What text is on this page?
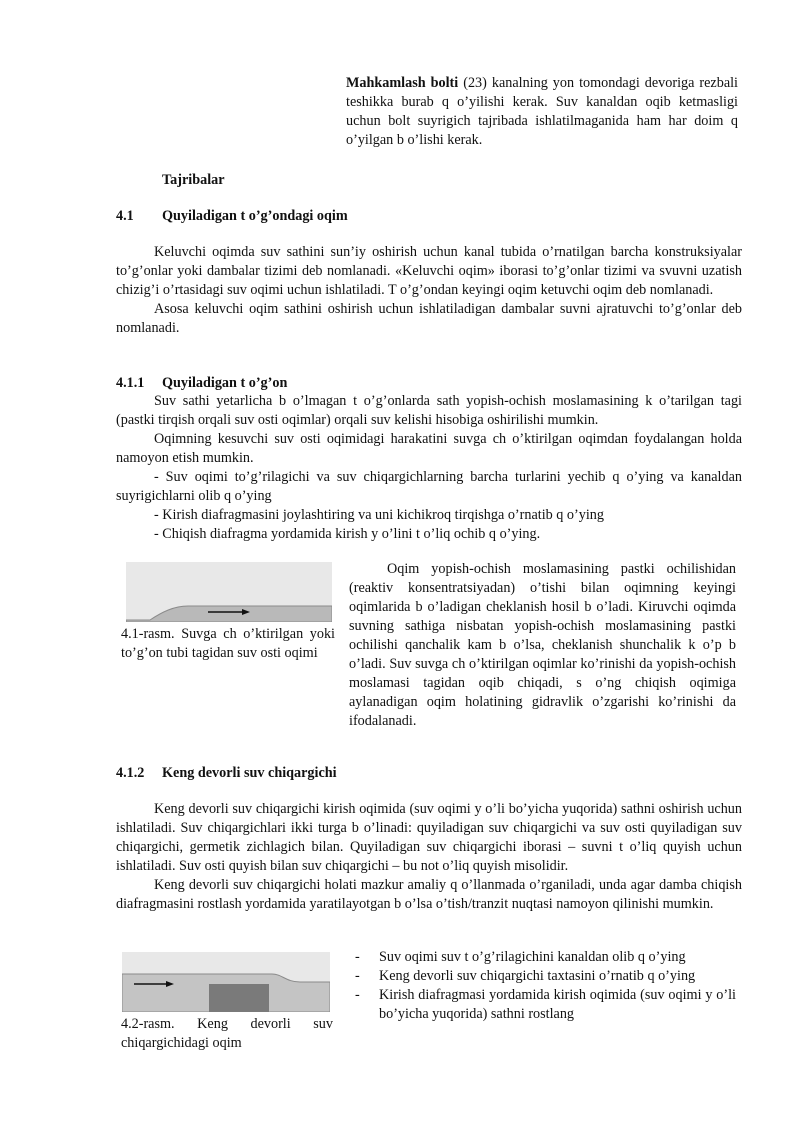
Mahkamlash bolti (23) kanalning yon tomondagi devoriga rezbali teshikka burab q o’yilishi kerak. Suv kanaldan oqib ketmasligi uchun bolt suyrigich tajribada ishlatilmaganida ham har doim q o’yilgan b o’lishi kerak.

Tajribalar
4.1 Quyiladigan t o’g’ondagi oqim

Keluvchi oqimda suv sathini sun’iy oshirish uchun kanal tubida o’rnatilgan barcha konstruksiyalar to’g’onlar yoki dambalar tizimi deb nomlanadi. «Keluvchi oqim» iborasi to’g’onlar tizimi va svuvni uzatish chizig’i o’rtasidagi suv oqimi uchun ishlatiladi. T o’g’ondan keyingi oqim ketuvchi oqim deb nomlanadi.

Asosa keluvchi oqim sathini oshirish uchun ishlatiladigan dambalar suvni ajratuvchi to’g’onlar deb nomlanadi.

4.1.1 Quyiladigan t o’g’on

Suv sathi yetarlicha b o’lmagan t o’g’onlarda sath yopish-ochish moslamasining k o’tarilgan tagi (pastki tirqish orqali suv osti oqimlar) orqali suv kelishi hisobiga oshirilishi mumkin.

Oqimning kesuvchi suv osti oqimidagi harakatini suvga ch o’ktirilgan oqimdan foydalangan holda namoyon etish mumkin.

- Suv oqimi to’g’rilagichi va suv chiqargichlarning barcha turlarini yechib q o’ying va kanaldan suyrigichlarni olib q o’ying

- Kirish diafragmasini joylashtiring va uni kichikroq tirqishga o’rnatib q o’ying

- Chiqish diafragma yordamida kirish y o’lini t o’liq ochib q o’ying.

4.1-rasm. Suvga ch o’ktirilgan yoki to’g’on tubi tagidan suv osti oqimi

Oqim yopish-ochish moslamasining pastki ochilishidan (reaktiv konsentratsiyadan) o’tishi bilan oqimning keyingi oqimlarida b o’ladigan cheklanish hosil b o’ladi. Kiruvchi oqimda suvning sathiga nisbatan yopish-ochish moslamasining pastki ochilishi qanchalik kam b o’lsa, cheklanish shunchalik k o’p b o’ladi. Suv suvga ch o’ktirilgan oqimlar ko’rinishi da yopish-ochish moslamasi tagidan oqib chiqadi, s o’ng chiqish oqimiga aylanadigan oqim holatining gidravlik o’zgarishi ko’rinishi da ifodalanadi.

4.1.2 Keng devorli suv chiqargichi

Keng devorli suv chiqargichi kirish oqimida (suv oqimi y o’li bo’yicha yuqorida) sathni oshirish uchun ishlatiladi. Suv chiqargichlari ikki turga b o’linadi: quyiladigan suv chiqargichi va suv osti quyiladigan suv chiqargichi, germetik zichlagich bilan. Quyiladigan suv chiqargichi iborasi – suvni t o’liq quyish uchun ishlatiladi. Suv osti quyish bilan suv chiqargichi – bu not o’liq quyish misolidir.

Keng devorli suv chiqargichi holati mazkur amaliy q o’llanmada o’rganiladi, unda agar damba chiqish diafragmasini rostlash yordamida yaratilayotgan b o’lsa o’tish/tranzit nuqtasi namoyon qilinishi mumkin.

4.2-rasm. Keng devorli suv chiqargichidagi oqim

-	Suv oqimi suv t o’g’rilagichini kanaldan olib q o’ying
-	Keng devorli suv chiqargichi taxtasini o’rnatib q o’ying
-	Kirish diafragmasi yordamida kirish oqimida (suv oqimi y o’li bo’yicha yuqorida) sathni rostlang
